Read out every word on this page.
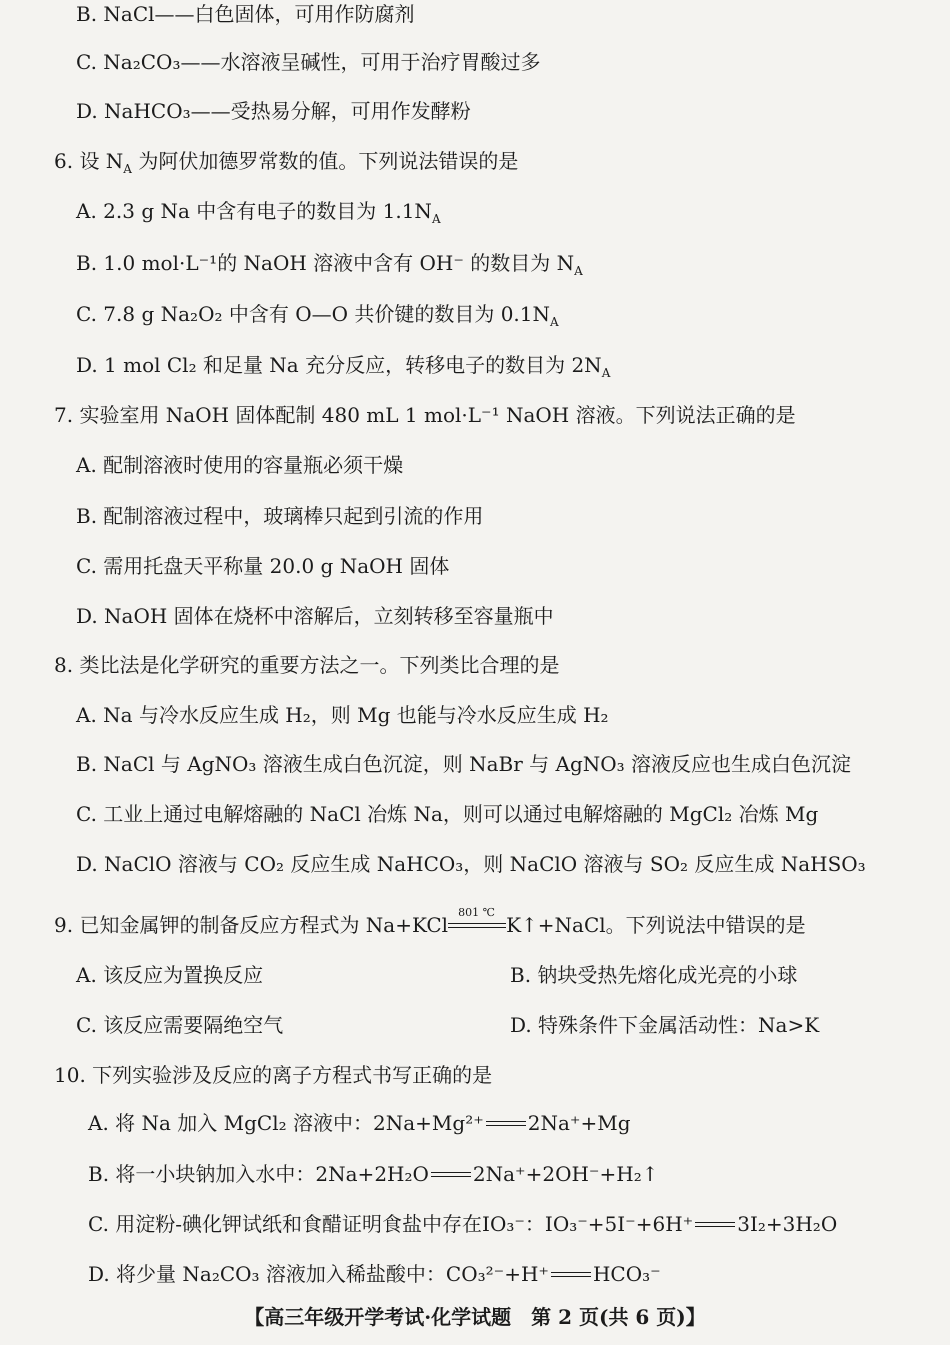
B. NaCl——白色固体，可用作防腐剂
C. Na₂CO₃——水溶液呈碱性，可用于治疗胃酸过多
D. NaHCO₃——受热易分解，可用作发酵粉
6. 设 $N_A$ 为阿伏加德罗常数的值。下列说法错误的是
A. 2.3 g Na 中含有电子的数目为 $1.1N_A$
B. 1.0 mol·L⁻¹的 NaOH 溶液中含有 OH⁻ 的数目为 $N_A$
C. 7.8 g Na₂O₂ 中含有 O—O 共价键的数目为 $0.1N_A$
D. 1 mol Cl₂ 和足量 Na 充分反应，转移电子的数目为 $2N_A$
7. 实验室用 NaOH 固体配制 480 mL 1 mol·L⁻¹ NaOH 溶液。下列说法正确的是
A. 配制溶液时使用的容量瓶必须干燥
B. 配制溶液过程中，玻璃棒只起到引流的作用
C. 需用托盘天平称量 20.0 g NaOH 固体
D. NaOH 固体在烧杯中溶解后，立刻转移至容量瓶中
8. 类比法是化学研究的重要方法之一。下列类比合理的是
A. Na 与冷水反应生成 H₂，则 Mg 也能与冷水反应生成 H₂
B. NaCl 与 AgNO₃ 溶液生成白色沉淀，则 NaBr 与 AgNO₃ 溶液反应也生成白色沉淀
C. 工业上通过电解熔融的 NaCl 冶炼 Na，则可以通过电解熔融的 MgCl₂ 冶炼 Mg
D. NaClO 溶液与 CO₂ 反应生成 NaHCO₃，则 NaClO 溶液与 SO₂ 反应生成 NaHSO₃
9. 已知金属钾的制备反应方程式为 Na+KCl
801 ℃
K↑+NaCl。下列说法中错误的是
A. 该反应为置换反应	B. 钠块受热先熔化成光亮的小球
C. 该反应需要隔绝空气	D. 特殊条件下金属活动性：Na>K
10. 下列实验涉及反应的离子方程式书写正确的是
A. 将 Na 加入 MgCl₂ 溶液中：2Na+Mg²⁺ 2Na⁺+Mg
B. 将一小块钠加入水中：2Na+2H₂O 2Na⁺+2OH⁻+H₂↑
C. 用淀粉-碘化钾试纸和食醋证明食盐中存在IO₃⁻：IO₃⁻+5I⁻+6H⁺ 3I₂+3H₂O
D. 将少量 Na₂CO₃ 溶液加入稀盐酸中：CO₃²⁻+H⁺ HCO₃⁻
【高三年级开学考试·化学试题　第 2 页(共 6 页)】
